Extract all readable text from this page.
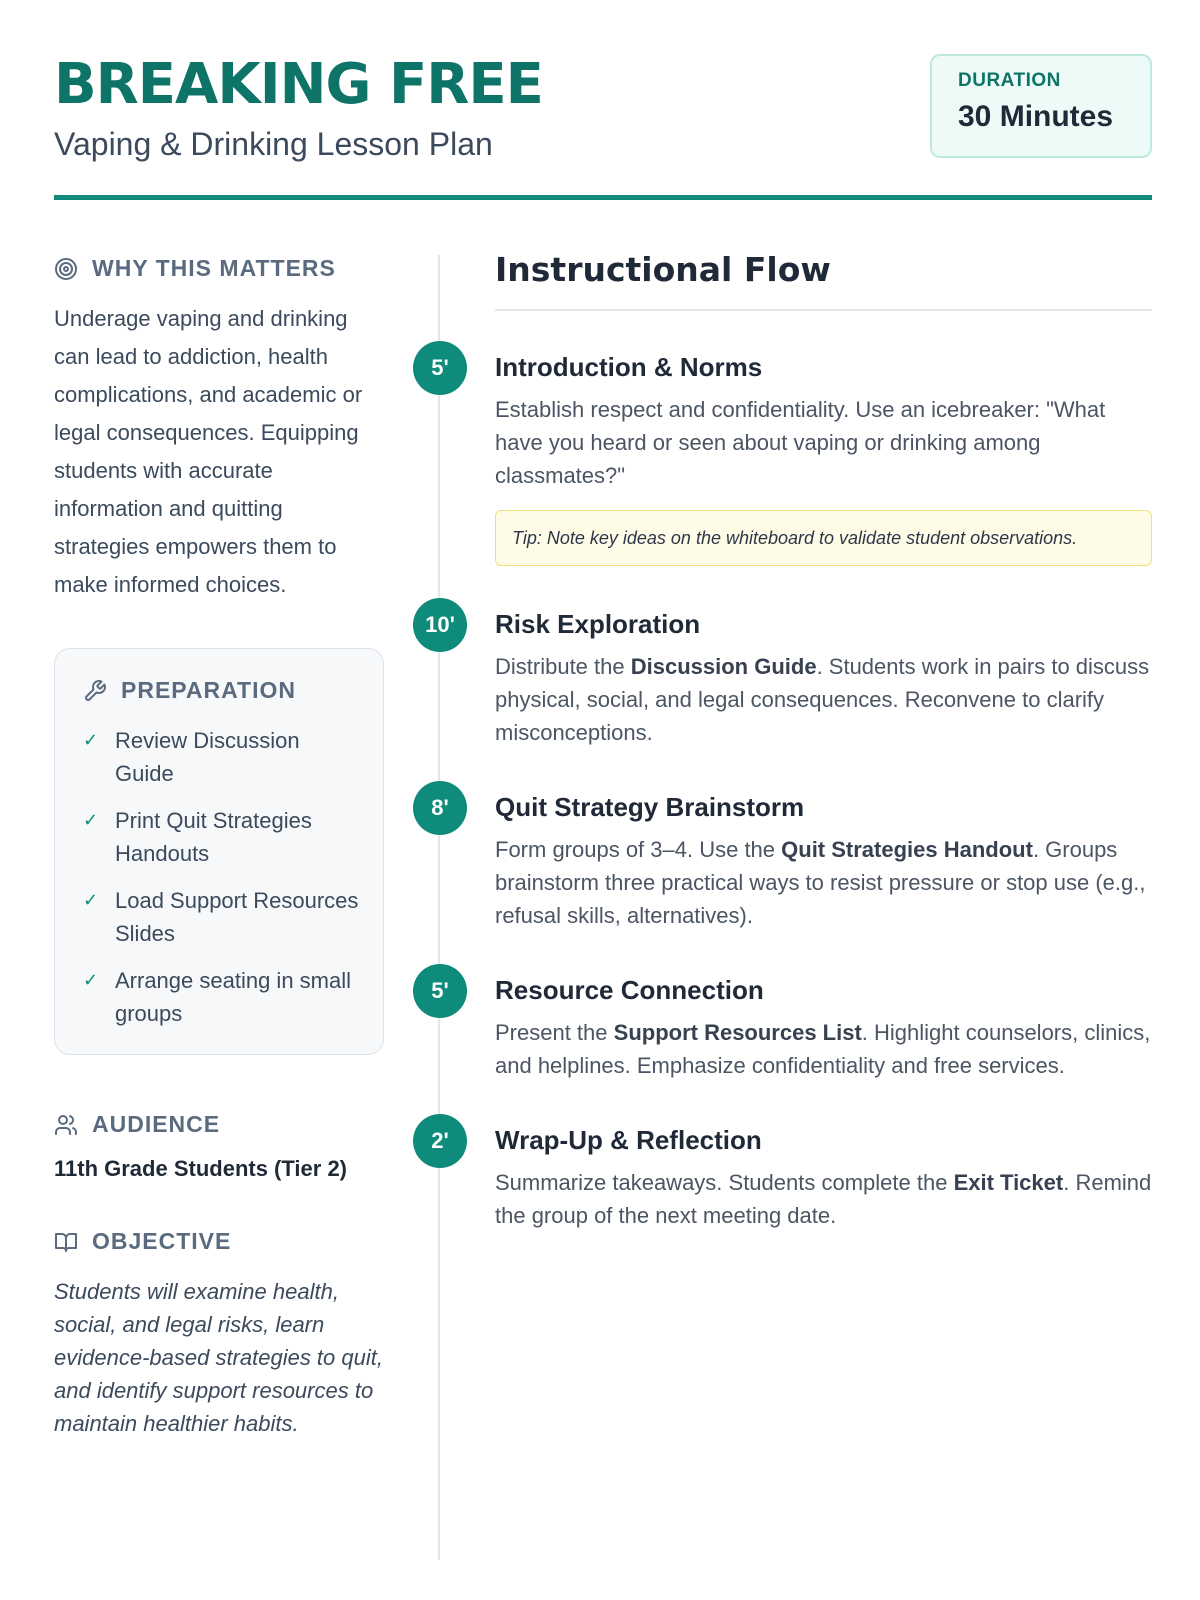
BREAKING FREE
Vaping & Drinking Lesson Plan
DURATION
30 Minutes
WHY THIS MATTERS
Underage vaping and drinking can lead to addiction, health complications, and academic or legal consequences. Equipping students with accurate information and quitting strategies empowers them to make informed choices.
PREPARATION
✓ Review Discussion Guide
✓ Print Quit Strategies Handouts
✓ Load Support Resources Slides
✓ Arrange seating in small groups
AUDIENCE
11th Grade Students (Tier 2)
OBJECTIVE
Students will examine health, social, and legal risks, learn evidence-based strategies to quit, and identify support resources to maintain healthier habits.
Instructional Flow
5'	Introduction & Norms
Establish respect and confidentiality. Use an icebreaker: "What have you heard or seen about vaping or drinking among classmates?"
Tip: Note key ideas on the whiteboard to validate student observations.
10'	Risk Exploration
Distribute the Discussion Guide. Students work in pairs to discuss physical, social, and legal consequences. Reconvene to clarify misconceptions.
8'	Quit Strategy Brainstorm
Form groups of 3–4. Use the Quit Strategies Handout. Groups brainstorm three practical ways to resist pressure or stop use (e.g., refusal skills, alternatives).
5'	Resource Connection
Present the Support Resources List. Highlight counselors, clinics, and helplines. Emphasize confidentiality and free services.
2'	Wrap-Up & Reflection
Summarize takeaways. Students complete the Exit Ticket. Remind the group of the next meeting date.
